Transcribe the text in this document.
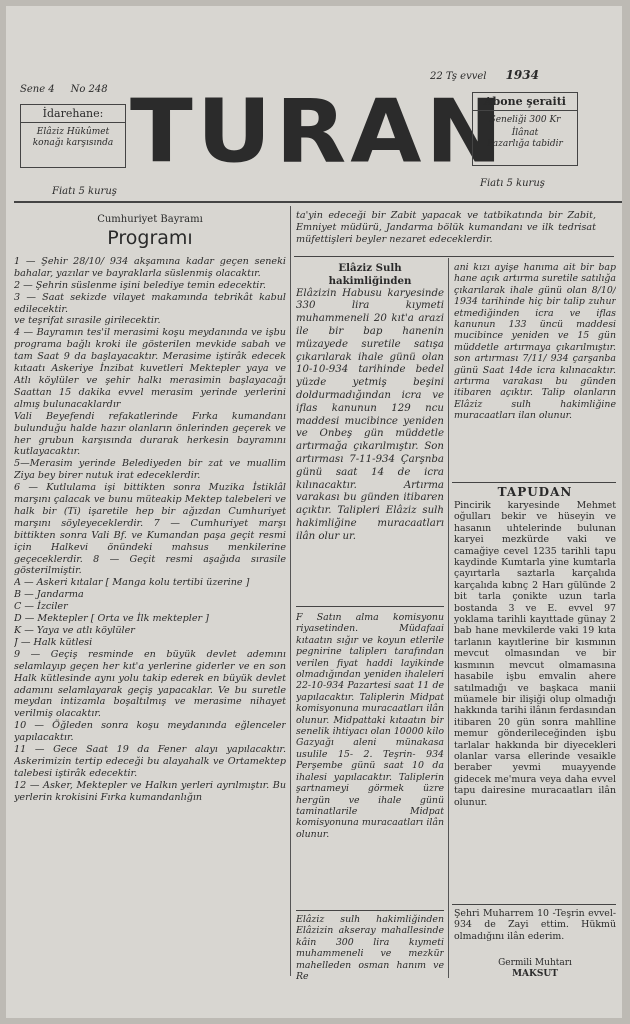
Sene 4 No 248
22 Tş evvel 1934
İdarehane:
Elâziz Hükûmet
konağı karşısında TURAN
Abone şeraiti
Seneliği 300 Kr
İlânat
Pazarlığa tabidir
Fiatı 5 kuruş
Fiatı 5 kuruş
Cumhuriyet Bayramı
Programı

1 — Şehir 28/10/ 934 akşamına kadar geçen seneki bahalar, yazılar ve bayraklarla süslenmiş olacaktır.

2 — Şehrin süslenme işini belediye temin edecektir.

3 — Saat sekizde vilayet makamında tebrikât kabul edilecektir.

ve teşrifat sırasile girilecektir.

4 — Bayramın tes'il merasimi koşu meydanında ve işbu programa bağlı kroki ile gösterilen mevkide sabah ve tam Saat 9 da başlayacaktır. Merasime iştirâk edecek kıtaatı Askeriye İnzibat kuvetleri Mektepler yaya ve Atlı köylüler ve şehir halkı merasimin başlayacağı Saattan 15 dakika evvel merasim yerinde yerlerini almış bulunacaklardır

Vali Beyefendi refakatlerinde Fırka kumandanı bulunduğu halde hazır olanların önlerinden geçerek ve her grubun karşısında durarak herkesin bayramını kutlayacaktır.

5—Merasim yerinde Belediyeden bir zat ve muallim Ziya bey birer nutuk irat edeceklerdir.

6 — Kutlulama işi bittikten sonra Muzika İstiklâl marşını çalacak ve bunu müteakip Mektep talebeleri ve halk bir (Ti) işaretile hep bir ağızdan Cumhuriyet marşını söyleyeceklerdir. 7 — Cumhuriyet marşı bittikten sonra Vali Bf. ve Kumandan paşa geçit resmi için Halkevi önündeki mahsus menkilerine geçeceklerdir. 8 — Geçit resmi aşağıda sırasile gösterilmiştir.

A — Askeri kıtalar [ Manga kolu tertibi üzerine ]

B — Jandarma

C — İzciler

D — Mektepler [ Orta ve İlk mektepler ]

K — Yaya ve atlı köylüler

J — Halk kütlesi

9 — Geçiş resminde en büyük devlet ademını selamlayıp geçen her kıt'a yerlerine giderler ve en son Halk kütlesinde aynı yolu takip ederek en büyük devlet adamını selamlayarak geçiş yapacaklar. Ve bu suretle meydan intizamla boşaltılmış ve merasime nihayet verilmiş olacaktır.

10 — Öğleden sonra koşu meydanında eğlenceler yapılacaktır.

11 — Gece Saat 19 da Fener alayı yapılacaktır. Askerimizin tertip edeceği bu alayahalk ve Ortamektep talebesi iştirâk edecektir.

12 — Asker, Mektepler ve Halkın yerleri ayrılmıştır. Bu yerlerin krokisini Fırka kumandanlığın

ta'yin edeceği bir Zabit yapacak ve tatbikatında bir Zabit, Emniyet müdürü, Jandarma bölük kumandanı ve ilk tedrisat müfettişleri beyler nezaret edeceklerdir.

Elâziz Sulh hakimliğinden

Elâzizin Habusu karyesinde 330 lira kıymeti muhammeneli 20 kıt'a arazi ile bir bap hanenin müzayede suretile satışa çıkarılarak ihale günü olan 10-10-934 tarihinde bedel yüzde yetmiş beşini doldurmadığından icra ve iflas kanunun 129 ncu maddesi mucibince yeniden ve Onbeş gün müddetle artırmağa çıkarılmıştır. Son artırması 7-11-934 Çarşnba günü saat 14 de icra kılınacaktır. Artırma varakası bu günden itibaren açıktır. Talipleri Elâziz sulh hakimliğine muracaatları ilân olur ur.

F Satın alma komisyonu riyasetinden. Müdafaai kıtaatın sığır ve koyun etlerile pegnirine taliplerı tarafından verilen fiyat haddi layikinde olmadığından yeniden ihaleleri 22-10-934 Pazartesi saat 11 de yapılacaktır. Taliplerin Midpat komisyonuna muracaatları ilân olunur. Midpattaki kıtaatın bir senelik ihtiyacı olan 10000 kilo Gazyağı aleni münakasa usulile 15- 2. Teşrin- 934 Perşembe günü saat 10 da ihalesi yapılacaktır. Taliplerin şartnameyi görmek üzre hergün ve ihale günü taminatlarile Midpat komisyonuna muracaatları ilân olunur.

Elâziz sulh hakimliğinden Elâzizin akseray mahallesinde kâin 300 lira kıymeti muhammeneli ve mezkür mahelleden osman hanım ve Re

ani kızı ayişe hanıma ait bir bap hane açık artırma suretile satılığa çıkarılarak ihale günü olan 8/10/ 1934 tarihinde hiç bir talip zuhur etmediğinden icra ve iflas kanunun 133 üncü maddesi mucibince yeniden ve 15 gün müddetle artırmaya çıkarılmıştır. son artırması 7/11/ 934 çarşanba günü Saat 14de icra kılınacaktır. artırma varakası bu günden itibaren açıktır. Talip olanların Elâziz sulh hakimliğine muracaatları ilan olunur.

TAPUDAN

Pincirik karyesinde Mehmet oğulları bekir ve hüseyin ve hasanın uhtelerinde bulunan karyei mezkürde vaki ve camağiye cevel 1235 tarihli tapu kaydinde Kumtarla yine kumtarla çayırtarla saztarla karçalıda karçalıda kıbnç 2 Harı gülünde 2 bit tarla çonikte uzun tarla bostanda 3 ve E. evvel 97 yoklama tarihli kayıttade günay 2 bab hane mevkilerde vaki 19 kıta tarlanın kayıtlerine bir kısmının mevcut olmasından ve bir kısmının mevcut olmamasına hasabile işbu emvalin ahere satılmadığı ve başkaca manii müamele bir ilişiği olup olmadığı hakkında tarihi ilânın ferdasından itibaren 20 gün sonra mahlline memur gönderileceğinden işbu tarlalar hakkında bir diyecekleri olanlar varsa ellerinde vesaikle beraber yevmi muayyende gidecek me'mura veya daha evvel tapu dairesine muracaatları ilân olunur.

Şehri Muharrem 10 -Teşrin evvel- 934 de Zayi ettim. Hükmü olmadığını ilân ederim.

Germili Muhtarı
MAKSUT
